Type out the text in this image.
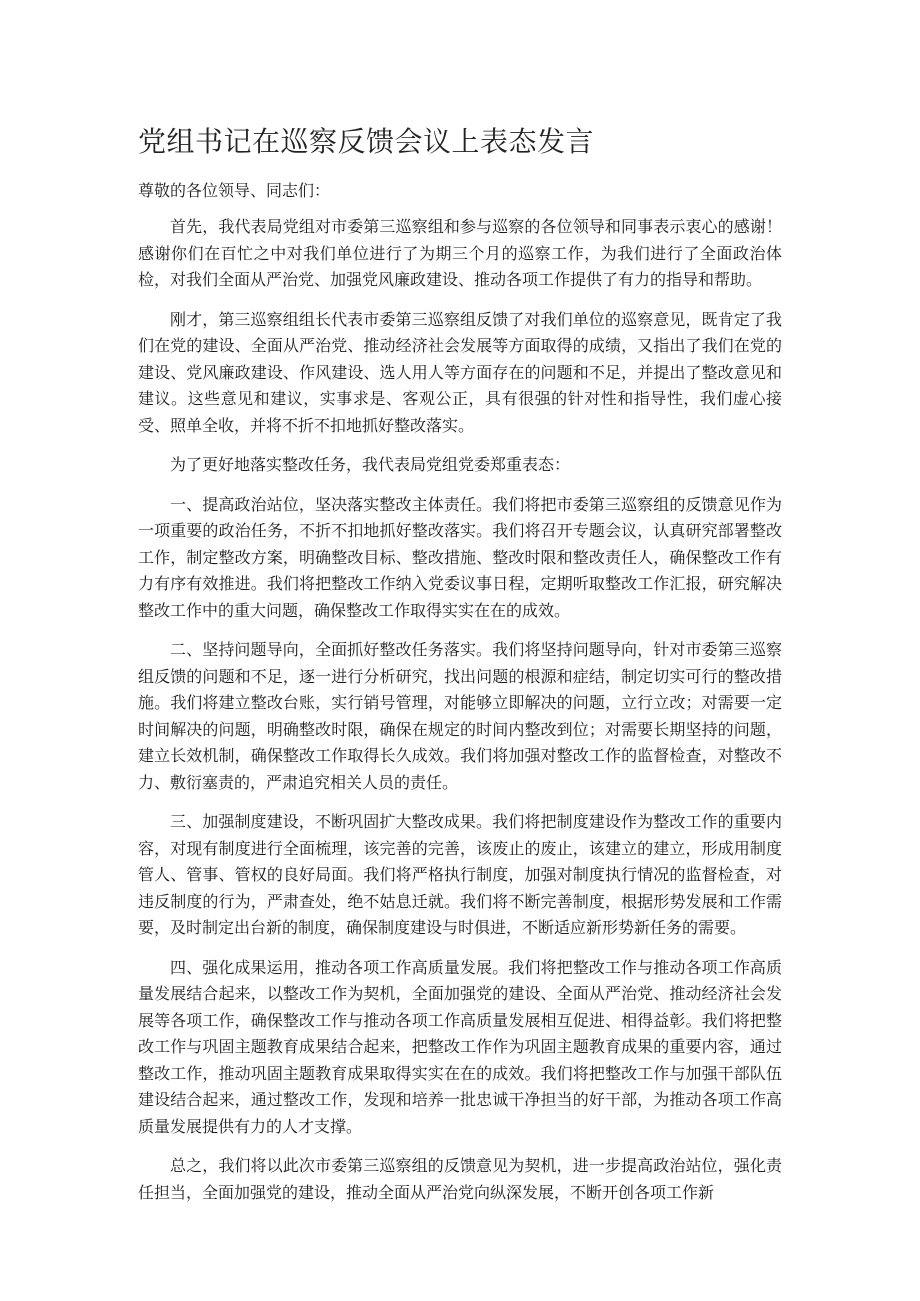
党组书记在巡察反馈会议上表态发言

尊敬的各位领导、同志们：

首先，我代表局党组对市委第三巡察组和参与巡察的各位领导和同事表示衷心的感谢！感谢你们在百忙之中对我们单位进行了为期三个月的巡察工作，为我们进行了全面政治体检，对我们全面从严治党、加强党风廉政建设、推动各项工作提供了有力的指导和帮助。

刚才，第三巡察组组长代表市委第三巡察组反馈了对我们单位的巡察意见，既肯定了我们在党的建设、全面从严治党、推动经济社会发展等方面取得的成绩，又指出了我们在党的建设、党风廉政建设、作风建设、选人用人等方面存在的问题和不足，并提出了整改意见和建议。这些意见和建议，实事求是、客观公正，具有很强的针对性和指导性，我们虚心接受、照单全收，并将不折不扣地抓好整改落实。

为了更好地落实整改任务，我代表局党组党委郑重表态：

一、提高政治站位，坚决落实整改主体责任。我们将把市委第三巡察组的反馈意见作为一项重要的政治任务，不折不扣地抓好整改落实。我们将召开专题会议，认真研究部署整改工作，制定整改方案，明确整改目标、整改措施、整改时限和整改责任人，确保整改工作有力有序有效推进。我们将把整改工作纳入党委议事日程，定期听取整改工作汇报，研究解决整改工作中的重大问题，确保整改工作取得实实在在的成效。

二、坚持问题导向，全面抓好整改任务落实。我们将坚持问题导向，针对市委第三巡察组反馈的问题和不足，逐一进行分析研究，找出问题的根源和症结，制定切实可行的整改措施。我们将建立整改台账，实行销号管理，对能够立即解决的问题，立行立改；对需要一定时间解决的问题，明确整改时限，确保在规定的时间内整改到位；对需要长期坚持的问题，建立长效机制，确保整改工作取得长久成效。我们将加强对整改工作的监督检查，对整改不力、敷衍塞责的，严肃追究相关人员的责任。

三、加强制度建设，不断巩固扩大整改成果。我们将把制度建设作为整改工作的重要内容，对现有制度进行全面梳理，该完善的完善，该废止的废止，该建立的建立，形成用制度管人、管事、管权的良好局面。我们将严格执行制度，加强对制度执行情况的监督检查，对违反制度的行为，严肃查处，绝不姑息迁就。我们将不断完善制度，根据形势发展和工作需要，及时制定出台新的制度，确保制度建设与时俱进，不断适应新形势新任务的需要。

四、强化成果运用，推动各项工作高质量发展。我们将把整改工作与推动各项工作高质量发展结合起来，以整改工作为契机，全面加强党的建设、全面从严治党、推动经济社会发展等各项工作，确保整改工作与推动各项工作高质量发展相互促进、相得益彰。我们将把整改工作与巩固主题教育成果结合起来，把整改工作作为巩固主题教育成果的重要内容，通过整改工作，推动巩固主题教育成果取得实实在在的成效。我们将把整改工作与加强干部队伍建设结合起来，通过整改工作，发现和培养一批忠诚干净担当的好干部，为推动各项工作高质量发展提供有力的人才支撑。

总之，我们将以此次市委第三巡察组的反馈意见为契机，进一步提高政治站位，强化责任担当，全面加强党的建设，推动全面从严治党向纵深发展，不断开创各项工作新
